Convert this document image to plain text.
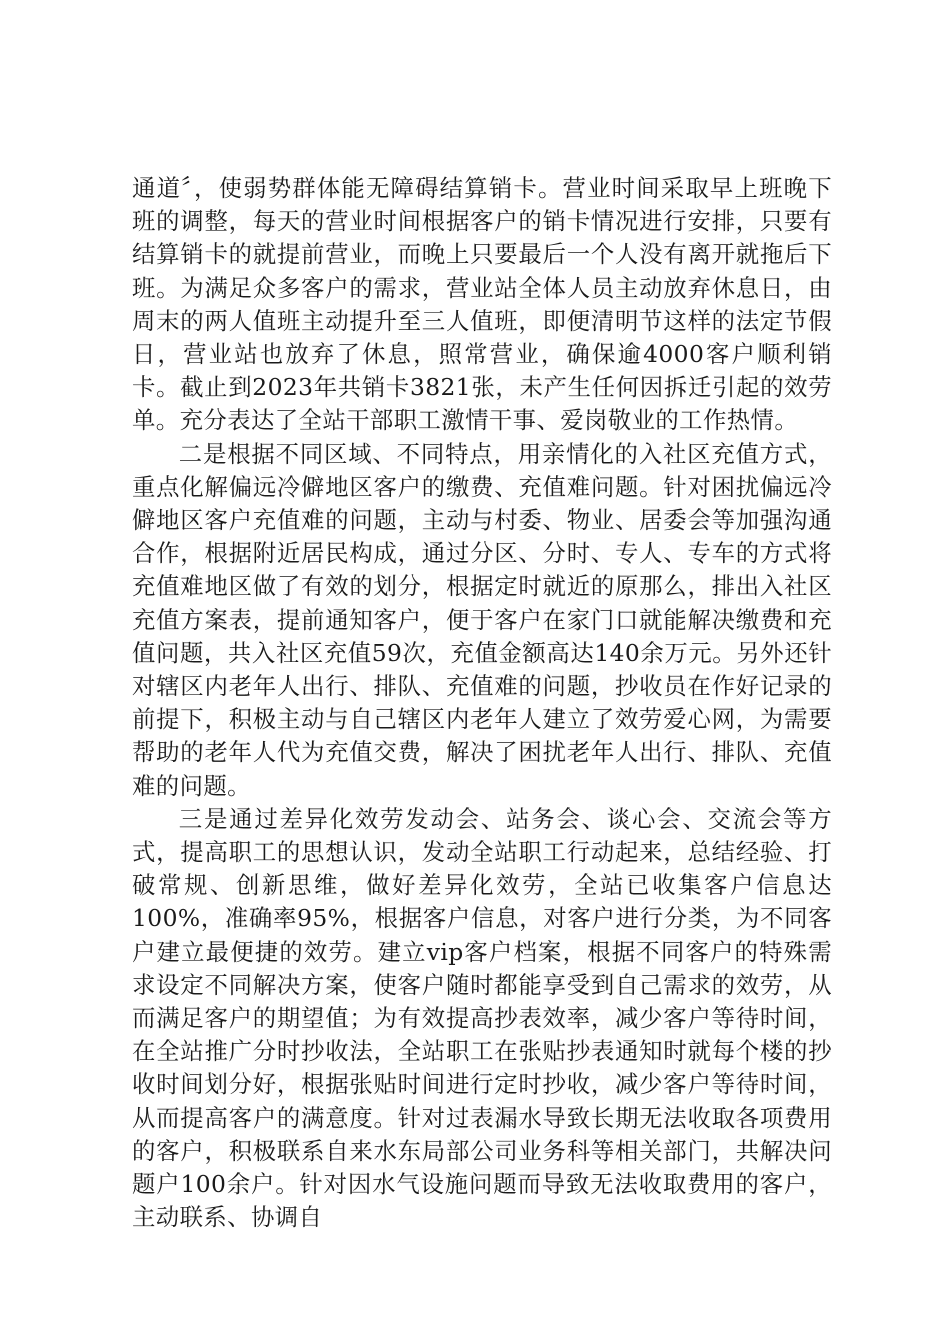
通道〞，使弱势群体能无障碍结算销卡。营业时间采取早上班晚下班的调整，每天的营业时间根据客户的销卡情况进行安排，只要有结算销卡的就提前营业，而晚上只要最后一个人没有离开就拖后下班。为满足众多客户的需求，营业站全体人员主动放弃休息日，由周末的两人值班主动提升至三人值班，即便清明节这样的法定节假日，营业站也放弃了休息，照常营业，确保逾4000客户顺利销卡。截止到2023年共销卡3821张，未产生任何因拆迁引起的效劳单。充分表达了全站干部职工激情干事、爱岗敬业的工作热情。

二是根据不同区域、不同特点，用亲情化的入社区充值方式，重点化解偏远冷僻地区客户的缴费、充值难问题。针对困扰偏远冷僻地区客户充值难的问题，主动与村委、物业、居委会等加强沟通合作，根据附近居民构成，通过分区、分时、专人、专车的方式将充值难地区做了有效的划分，根据定时就近的原那么，排出入社区充值方案表，提前通知客户，便于客户在家门口就能解决缴费和充值问题，共入社区充值59次，充值金额高达140余万元。另外还针对辖区内老年人出行、排队、充值难的问题，抄收员在作好记录的前提下，积极主动与自己辖区内老年人建立了效劳爱心网，为需要帮助的老年人代为充值交费，解决了困扰老年人出行、排队、充值难的问题。

三是通过差异化效劳发动会、站务会、谈心会、交流会等方式，提高职工的思想认识，发动全站职工行动起来，总结经验、打破常规、创新思维，做好差异化效劳，全站已收集客户信息达100%，准确率95%，根据客户信息，对客户进行分类，为不同客户建立最便捷的效劳。建立vip客户档案，根据不同客户的特殊需求设定不同解决方案，使客户随时都能享受到自己需求的效劳，从而满足客户的期望值；为有效提高抄表效率，减少客户等待时间，在全站推广分时抄收法，全站职工在张贴抄表通知时就每个楼的抄收时间划分好，根据张贴时间进行定时抄收，减少客户等待时间，从而提高客户的满意度。针对过表漏水导致长期无法收取各项费用的客户，积极联系自来水东局部公司业务科等相关部门，共解决问题户100余户。针对因水气设施问题而导致无法收取费用的客户，主动联系、协调自
